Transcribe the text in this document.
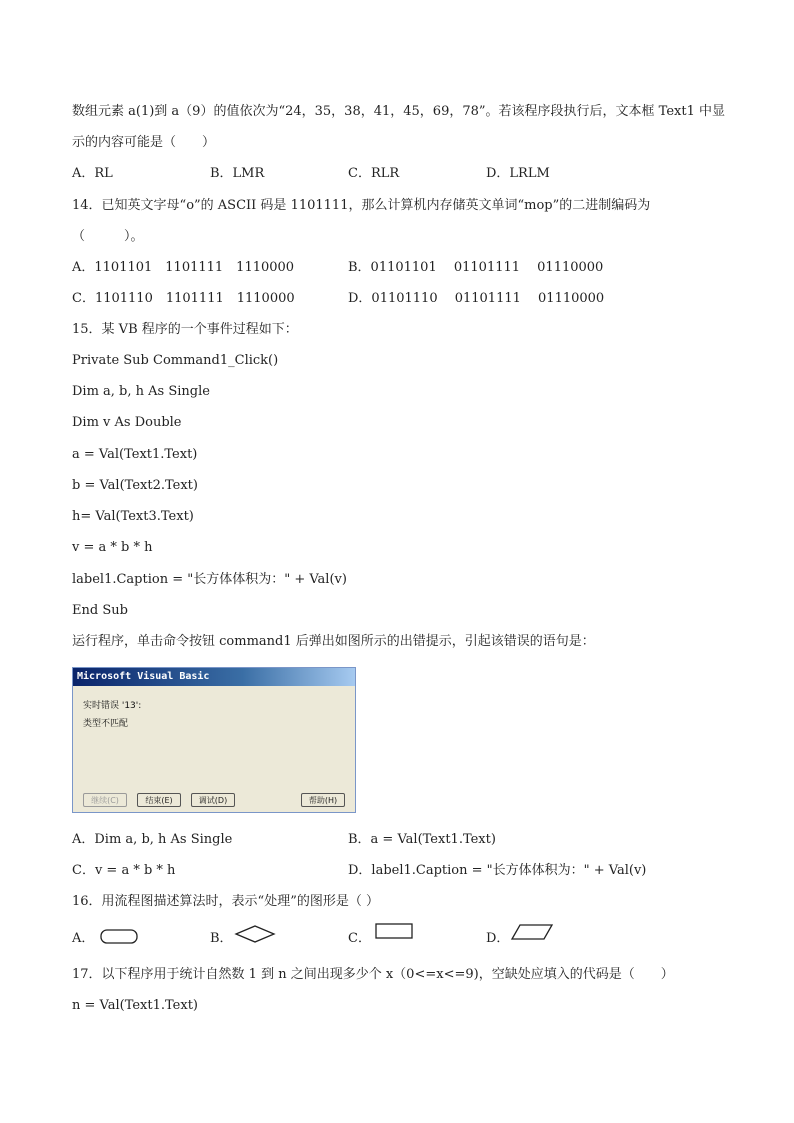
数组元素 a(1)到 a（9）的值依次为“24，35，38，41，45，69，78”。若该程序段执行后，文本框 Text1 中显
示的内容可能是（　　）
A．RL	B．LMR	C．RLR	D．LRLM
14．已知英文字母“o”的 ASCII 码是 1101111，那么计算机内存储英文单词“mop”的二进制编码为
（　　　）。
A．1101101　1101111　1110000	B．01101101　 01101111　 01110000
C．1101110　1101111　1110000	D．01101110　 01101111　 01110000
15．某 VB 程序的一个事件过程如下：
Private Sub Command1_Click()
Dim a, b, h As Single
Dim v As Double
a = Val(Text1.Text)
b = Val(Text2.Text)
h= Val(Text3.Text)
v = a * b * h
label1.Caption = "长方体体积为：" + Val(v)
End Sub
运行程序，单击命令按钮 command1 后弹出如图所示的出错提示，引起该错误的语句是：
Microsoft Visual Basic
实时错误 '13':
类型不匹配
继续(C)	结束(E)	调试(D)	帮助(H)
A．Dim a, b, h As Single	B．a = Val(Text1.Text)
C．v = a * b * h	D．label1.Caption = "长方体体积为：" + Val(v)
16．用流程图描述算法时，表示“处理”的图形是（ ）
A．	B．	C．	D．
17．以下程序用于统计自然数 1 到 n 之间出现多少个 x（0<=x<=9)，空缺处应填入的代码是（　　）
n = Val(Text1.Text)
